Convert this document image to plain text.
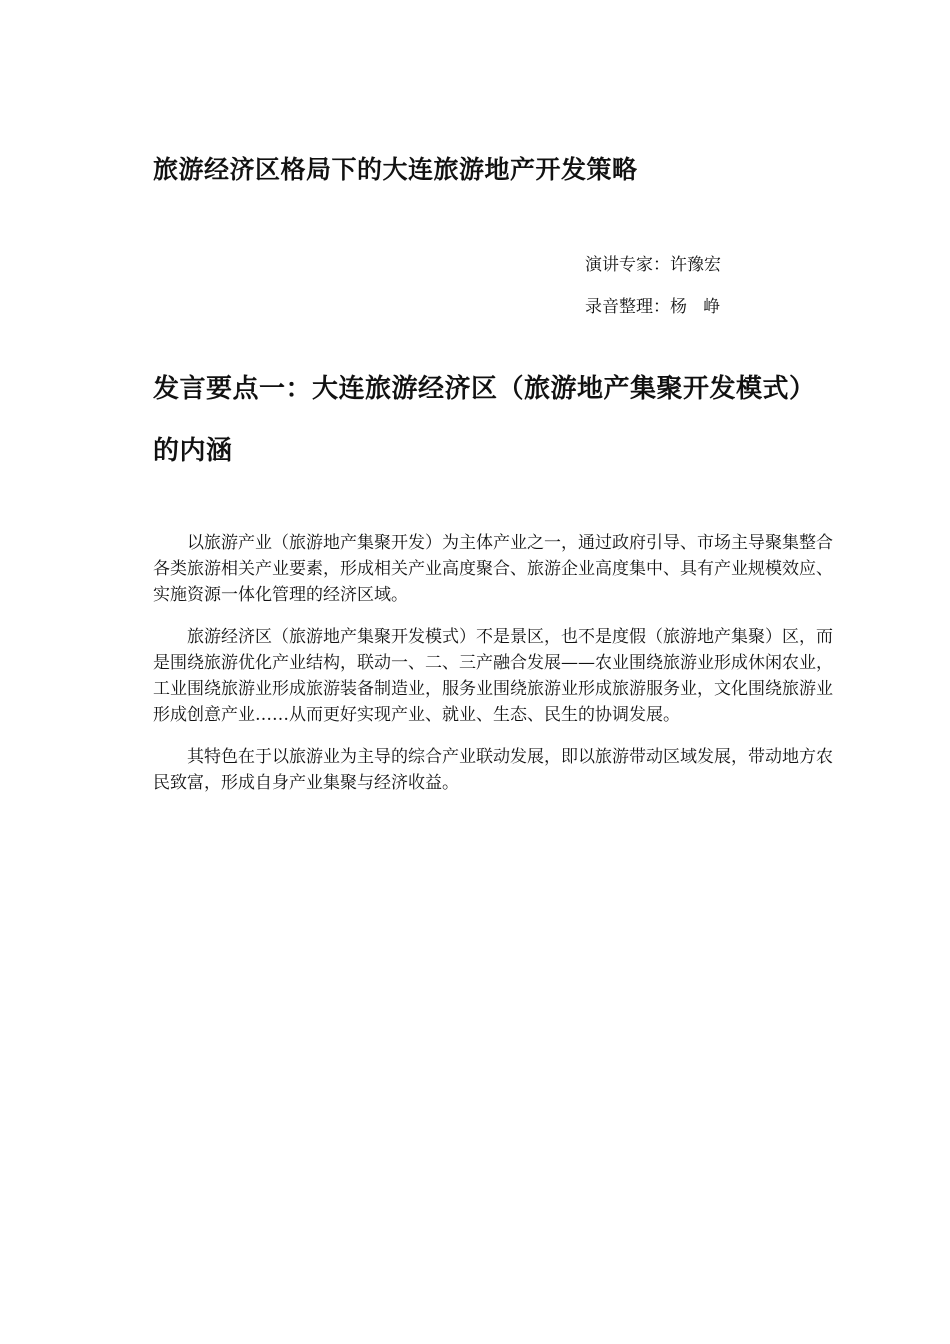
旅游经济区格局下的大连旅游地产开发策略
演讲专家：许豫宏
录音整理：杨   峥
发言要点一：大连旅游经济区（旅游地产集聚开发模式）的内涵

以旅游产业（旅游地产集聚开发）为主体产业之一，通过政府引导、市场主导聚集整合各类旅游相关产业要素，形成相关产业高度聚合、旅游企业高度集中、具有产业规模效应、实施资源一体化管理的经济区域。

旅游经济区（旅游地产集聚开发模式）不是景区，也不是度假（旅游地产集聚）区，而是围绕旅游优化产业结构，联动一、二、三产融合发展——农业围绕旅游业形成休闲农业，工业围绕旅游业形成旅游装备制造业，服务业围绕旅游业形成旅游服务业，文化围绕旅游业形成创意产业……从而更好实现产业、就业、生态、民生的协调发展。

其特色在于以旅游业为主导的综合产业联动发展，即以旅游带动区域发展，带动地方农民致富，形成自身产业集聚与经济收益。
